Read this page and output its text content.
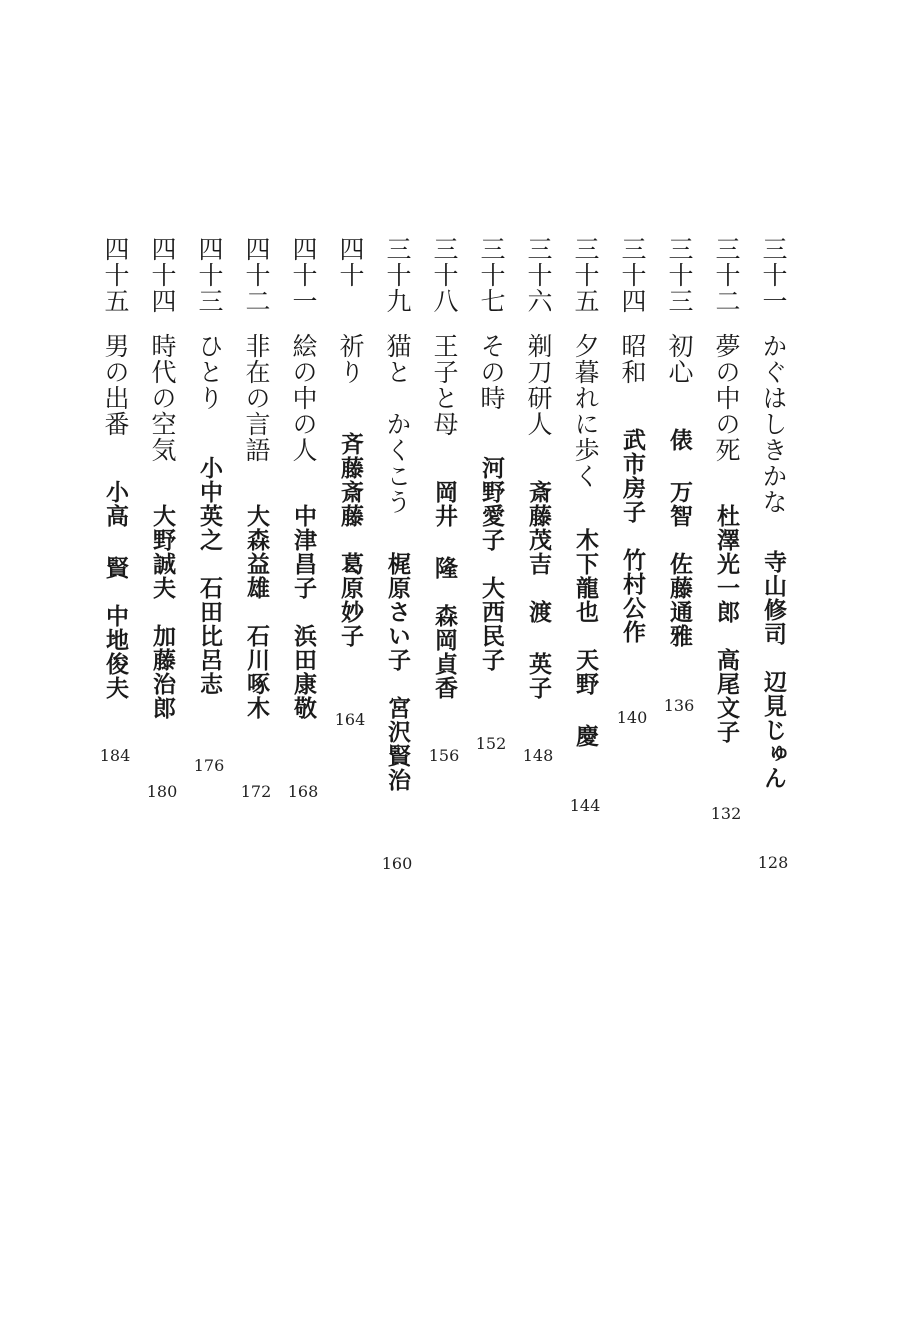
三十一
かぐはしきかな
寺山修司　辺見じゅん
128
三十二
夢の中の死
杜澤光一郎　高尾文子
132
三十三
初心
俵 万智　佐藤通雅
136
三十四
昭和
武市房子　竹村公作
140
三十五
夕暮れに歩く
木下龍也　天野 慶
144
三十六
剃刀研人
斎藤茂吉　渡 英子
148
三十七
その時
河野愛子　大西民子
152
三十八
王子と母
岡井 隆　森岡貞香
156
三十九
猫と　かくこう
梶原さい子　宮沢賢治
160
四十
祈り
斉藤斎藤　葛原妙子
164
四十一
絵の中の人
中津昌子　浜田康敬
168
四十二
非在の言語
大森益雄　石川啄木
172
四十三
ひとり
小中英之　石田比呂志
176
四十四
時代の空気
大野誠夫　加藤治郎
180
四十五
男の出番
小高 賢　中地俊夫
184
